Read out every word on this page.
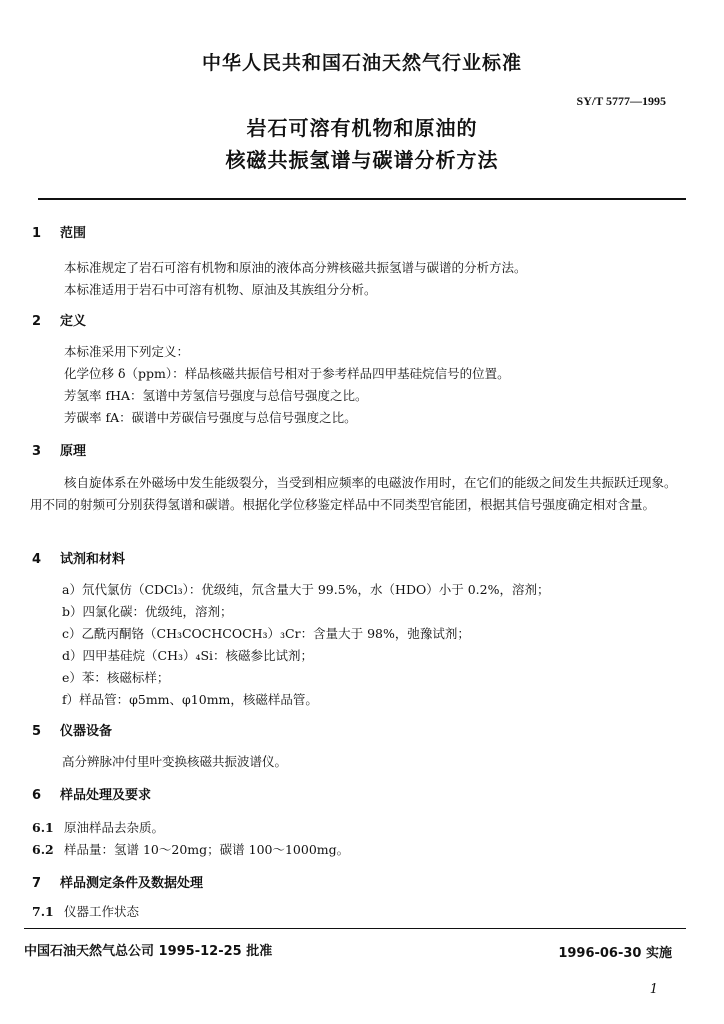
中华人民共和国石油天然气行业标准
SY/T 5777—1995
岩石可溶有机物和原油的
核磁共振氢谱与碳谱分析方法
1 范围
本标准规定了岩石可溶有机物和原油的液体高分辨核磁共振氢谱与碳谱的分析方法。
本标准适用于岩石中可溶有机物、原油及其族组分分析。
2 定义
本标准采用下列定义：
化学位移 δ（ppm）：样品核磁共振信号相对于参考样品四甲基硅烷信号的位置。
芳氢率 fHA：氢谱中芳氢信号强度与总信号强度之比。
芳碳率 fA：碳谱中芳碳信号强度与总信号强度之比。
3 原理
核自旋体系在外磁场中发生能级裂分，当受到相应频率的电磁波作用时，在它们的能级之间发生共振跃迁现象。用不同的射频可分别获得氢谱和碳谱。根据化学位移鉴定样品中不同类型官能团，根据其信号强度确定相对含量。
4 试剂和材料
a）氘代氯仿（CDCl₃）：优级纯，氘含量大于 99.5%，水（HDO）小于 0.2%，溶剂；
b）四氯化碳：优级纯，溶剂；
c）乙酰丙酮铬（CH₃COCHCOCH₃）₃Cr：含量大于 98%，弛豫试剂；
d）四甲基硅烷（CH₃）₄Si：核磁参比试剂；
e）苯：核磁标样；
f）样品管：φ5mm、φ10mm，核磁样品管。
5 仪器设备
高分辨脉冲付里叶变换核磁共振波谱仪。
6 样品处理及要求
6.1 原油样品去杂质。
6.2 样品量：氢谱 10～20mg；碳谱 100～1000mg。
7 样品测定条件及数据处理
7.1 仪器工作状态
中国石油天然气总公司 1995-12-25 批准	1996-06-30 实施
1
